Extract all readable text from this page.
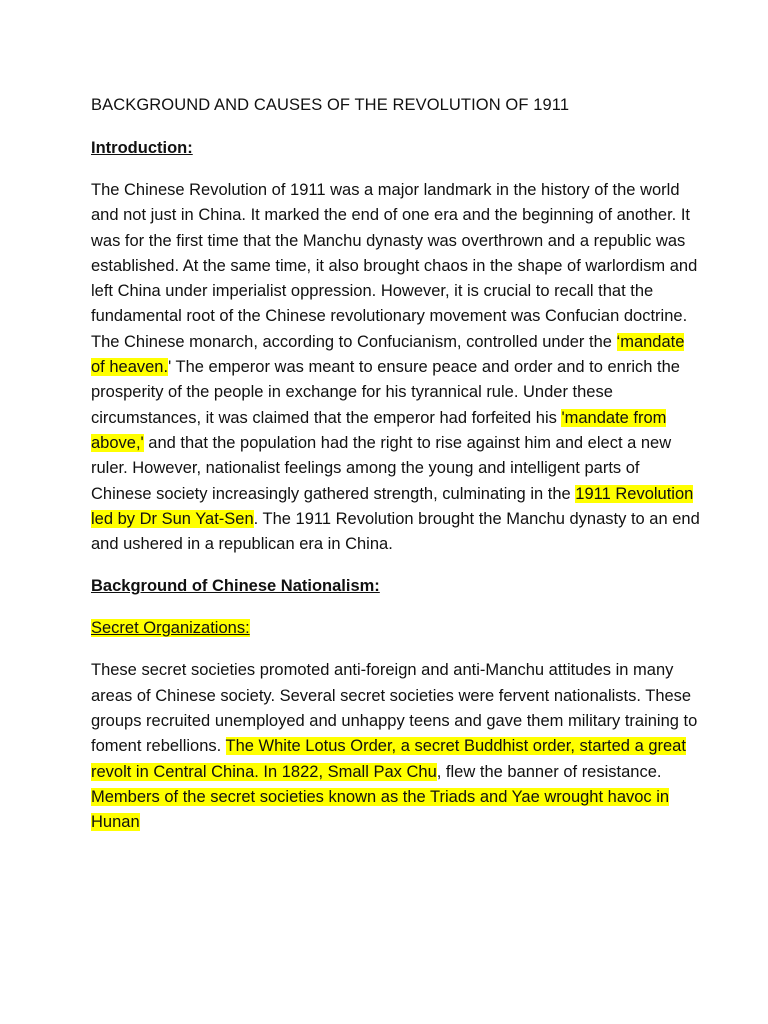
BACKGROUND AND CAUSES OF THE REVOLUTION OF 1911
Introduction:
The Chinese Revolution of 1911 was a major landmark in the history of the world and not just in China. It marked the end of one era and the beginning of another. It was for the first time that the Manchu dynasty was overthrown and a republic was established. At the same time, it also brought chaos in the shape of warlordism and left China under imperialist oppression. However, it is crucial to recall that the fundamental root of the Chinese revolutionary movement was Confucian doctrine. The Chinese monarch, according to Confucianism, controlled under the ‘mandate of heaven.' The emperor was meant to ensure peace and order and to enrich the prosperity of the people in exchange for his tyrannical rule. Under these circumstances, it was claimed that the emperor had forfeited his 'mandate from above,' and that the population had the right to rise against him and elect a new ruler. However, nationalist feelings among the young and intelligent parts of Chinese society increasingly gathered strength, culminating in the 1911 Revolution led by Dr Sun Yat-Sen. The 1911 Revolution brought the Manchu dynasty to an end and ushered in a republican era in China.
Background of Chinese Nationalism:
Secret Organizations:
These secret societies promoted anti-foreign and anti-Manchu attitudes in many areas of Chinese society. Several secret societies were fervent nationalists. These groups recruited unemployed and unhappy teens and gave them military training to foment rebellions. The White Lotus Order, a secret Buddhist order, started a great revolt in Central China. In 1822, Small Pax Chu, flew the banner of resistance. Members of the secret societies known as the Triads and Yae wrought havoc in Hunan
